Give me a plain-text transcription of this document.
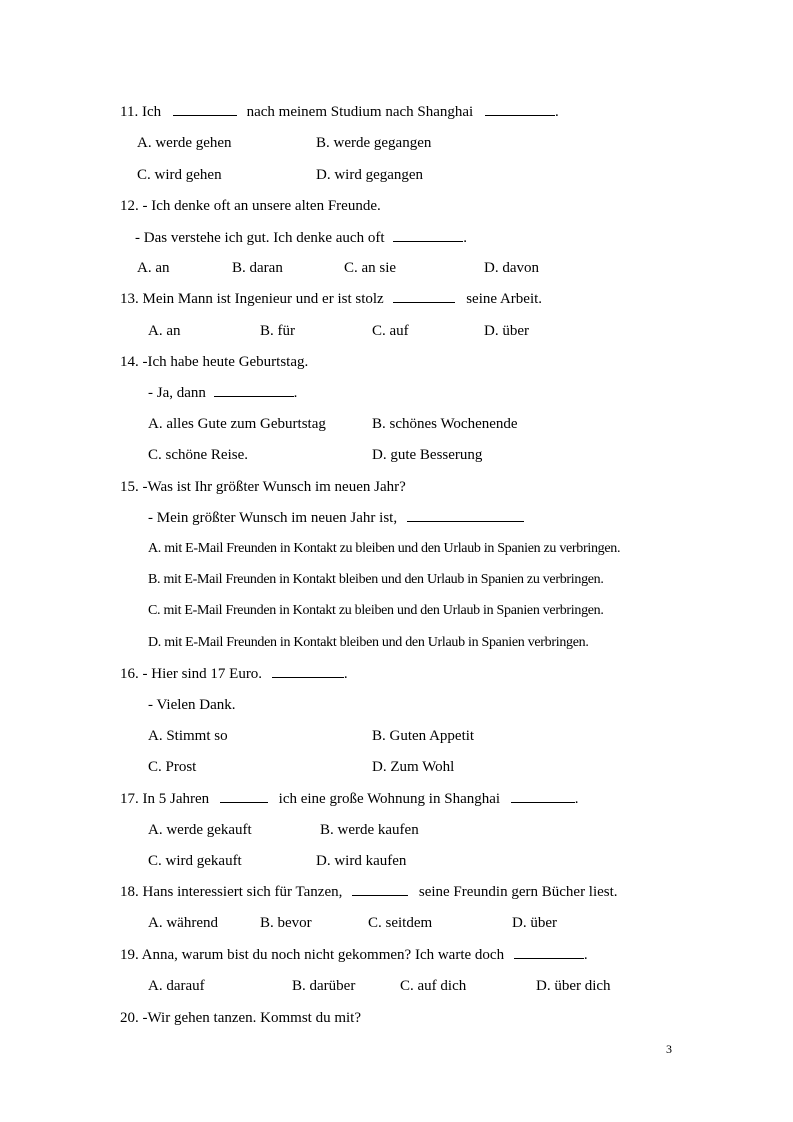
11. Ich	nach meinem Studium nach Shanghai	.
A. werde gehen	B. werde gegangen
C. wird gehen	D. wird gegangen
12. - Ich denke oft an unsere alten Freunde.
- Das verstehe ich gut. Ich denke auch oft	.
A. an	B. daran	C. an sie	D. davon
13. Mein Mann ist Ingenieur und er ist stolz	seine Arbeit.
A. an	B. für	C. auf	D. über
14. -Ich habe heute Geburtstag.
- Ja, dann	.
A. alles Gute zum Geburtstag	B. schönes Wochenende
C. schöne Reise.	D. gute Besserung
15. -Was ist Ihr größter Wunsch im neuen Jahr?
- Mein größter Wunsch im neuen Jahr ist,
A. mit E-Mail Freunden in Kontakt zu bleiben und den Urlaub in Spanien zu verbringen.
B. mit E-Mail Freunden in Kontakt bleiben und den Urlaub in Spanien zu verbringen.
C. mit E-Mail Freunden in Kontakt zu bleiben und den Urlaub in Spanien verbringen.
D. mit E-Mail Freunden in Kontakt bleiben und den Urlaub in Spanien verbringen.
16. - Hier sind 17 Euro.	.
- Vielen Dank.
A. Stimmt so	B. Guten Appetit
C. Prost	D. Zum Wohl
17. In 5 Jahren	ich eine große Wohnung in Shanghai	.
A. werde gekauft	B. werde kaufen
C. wird gekauft	D. wird kaufen
18. Hans interessiert sich für Tanzen,	seine Freundin gern Bücher liest.
A. während	B. bevor	C. seitdem	D. über
19. Anna, warum bist du noch nicht gekommen? Ich warte doch	.
A. darauf	B. darüber	C. auf dich	D. über dich
20. -Wir gehen tanzen. Kommst du mit?
3
